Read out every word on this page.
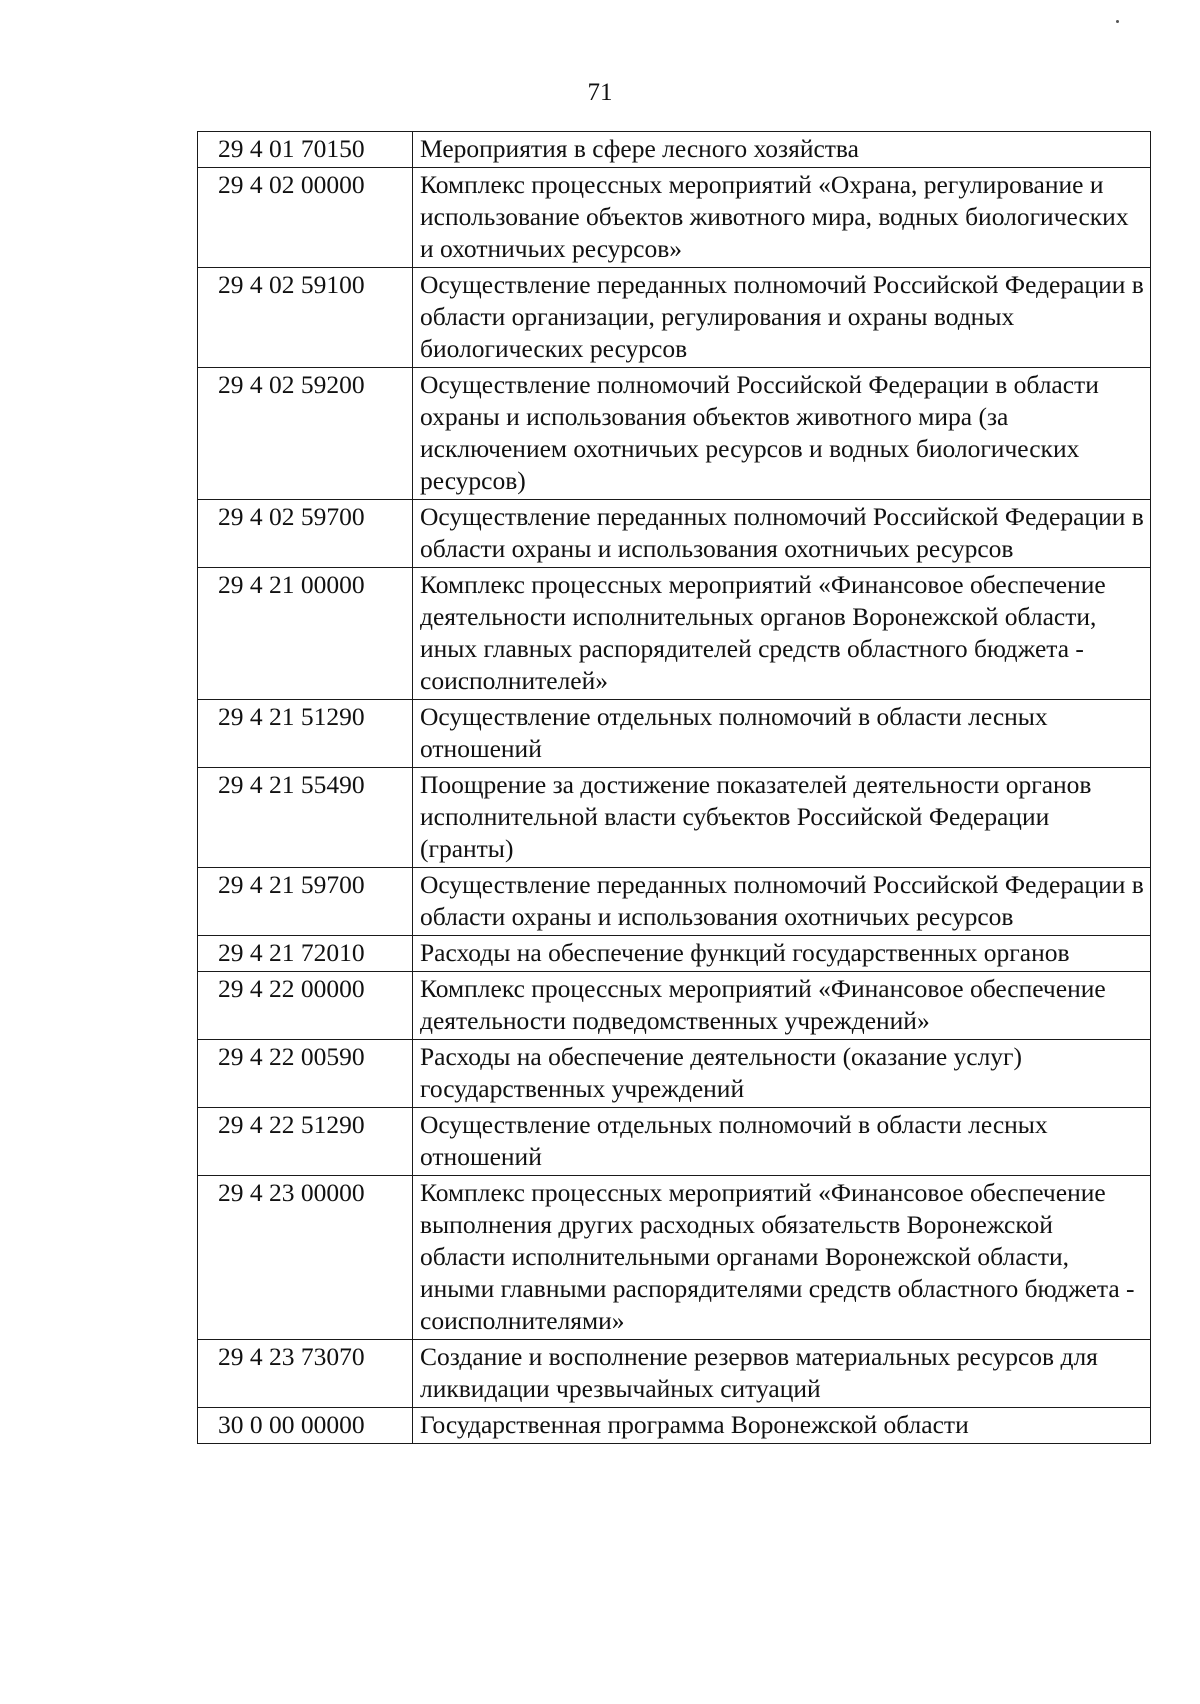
71
29 4 01 70150	Мероприятия в сфере лесного хозяйства
29 4 02 00000	Комплекс процессных мероприятий «Охрана, регулирование и использование объектов животного мира, водных биологических и охотничьих ресурсов»
29 4 02 59100	Осуществление переданных полномочий Российской Федерации в области организации, регулирования и охраны водных биологических ресурсов
29 4 02 59200	Осуществление полномочий Российской Федерации в области охраны и использования объектов животного мира (за исключением охотничьих ресурсов и водных биологических ресурсов)
29 4 02 59700	Осуществление переданных полномочий Российской Федерации в области охраны и использования охотничьих ресурсов
29 4 21 00000	Комплекс процессных мероприятий «Финансовое обеспечение деятельности исполнительных органов Воронежской области, иных главных распорядителей средств областного бюджета - соисполнителей»
29 4 21 51290	Осуществление отдельных полномочий в области лесных отношений
29 4 21 55490	Поощрение за достижение показателей деятельности органов исполнительной власти субъектов Российской Федерации (гранты)
29 4 21 59700	Осуществление переданных полномочий Российской Федерации в области охраны и использования охотничьих ресурсов
29 4 21 72010	Расходы на обеспечение функций государственных органов
29 4 22 00000	Комплекс процессных мероприятий «Финансовое обеспечение деятельности подведомственных учреждений»
29 4 22 00590	Расходы на обеспечение деятельности (оказание услуг) государственных учреждений
29 4 22 51290	Осуществление отдельных полномочий в области лесных отношений
29 4 23 00000	Комплекс процессных мероприятий «Финансовое обеспечение выполнения других расходных обязательств Воронежской области исполнительными органами Воронежской области, иными главными распорядителями средств областного бюджета - соисполнителями»
29 4 23 73070	Создание и восполнение резервов материальных ресурсов для ликвидации чрезвычайных ситуаций
30 0 00 00000	Государственная программа Воронежской области
